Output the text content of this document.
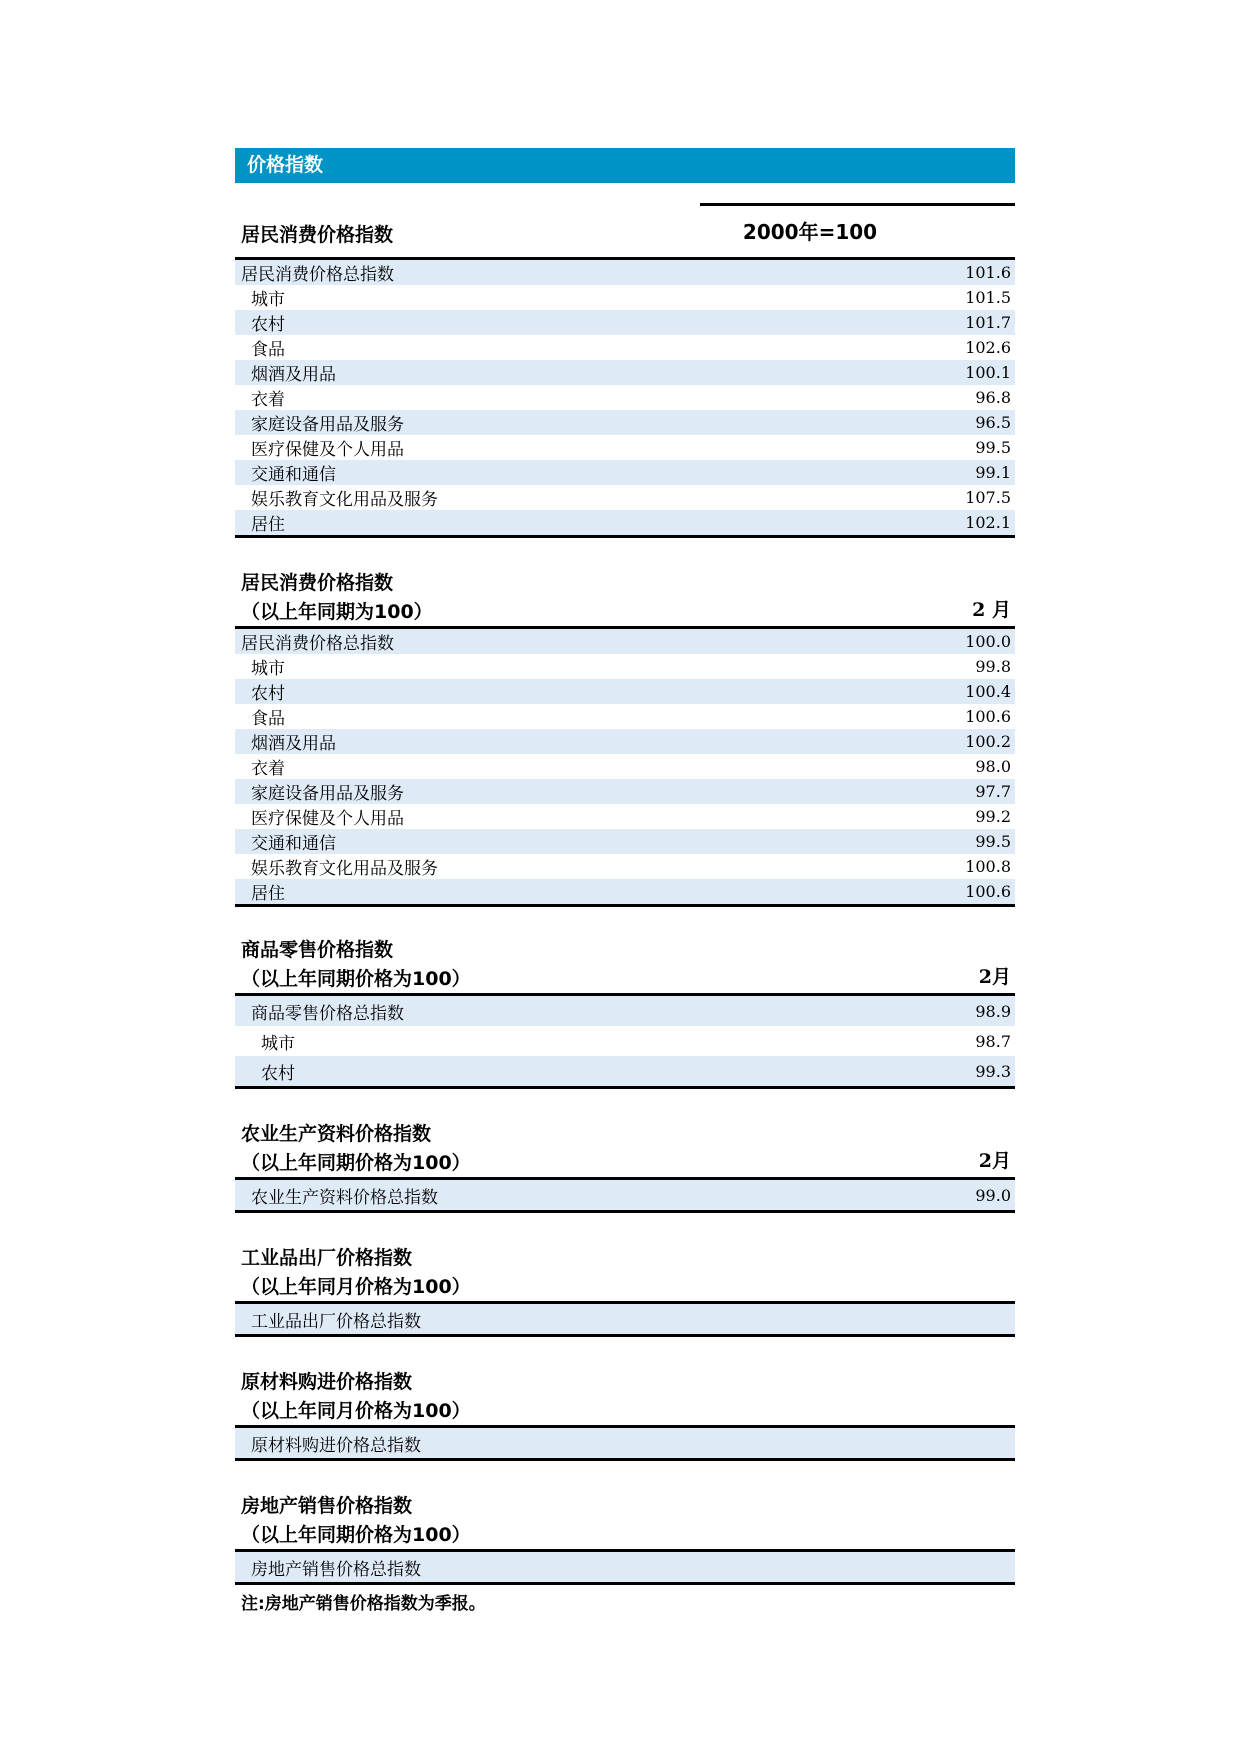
价格指数
居民消费价格指数	2000年=100
居民消费价格总指数	101.6
城市	101.5
农村	101.7
食品	102.6
烟酒及用品	100.1
衣着	96.8
家庭设备用品及服务	96.5
医疗保健及个人用品	99.5
交通和通信	99.1
娱乐教育文化用品及服务	107.5
居住	102.1
居民消费价格指数
（以上年同期为100）	2 月
居民消费价格总指数	100.0
城市	99.8
农村	100.4
食品	100.6
烟酒及用品	100.2
衣着	98.0
家庭设备用品及服务	97.7
医疗保健及个人用品	99.2
交通和通信	99.5
娱乐教育文化用品及服务	100.8
居住	100.6
商品零售价格指数
（以上年同期价格为100）	2月
商品零售价格总指数	98.9
城市	98.7
农村	99.3
农业生产资料价格指数
（以上年同期价格为100）	2月
农业生产资料价格总指数	99.0
工业品出厂价格指数
（以上年同月价格为100）
工业品出厂价格总指数
原材料购进价格指数
（以上年同月价格为100）
原材料购进价格总指数
房地产销售价格指数
（以上年同期价格为100）
房地产销售价格总指数
注:房地产销售价格指数为季报。
